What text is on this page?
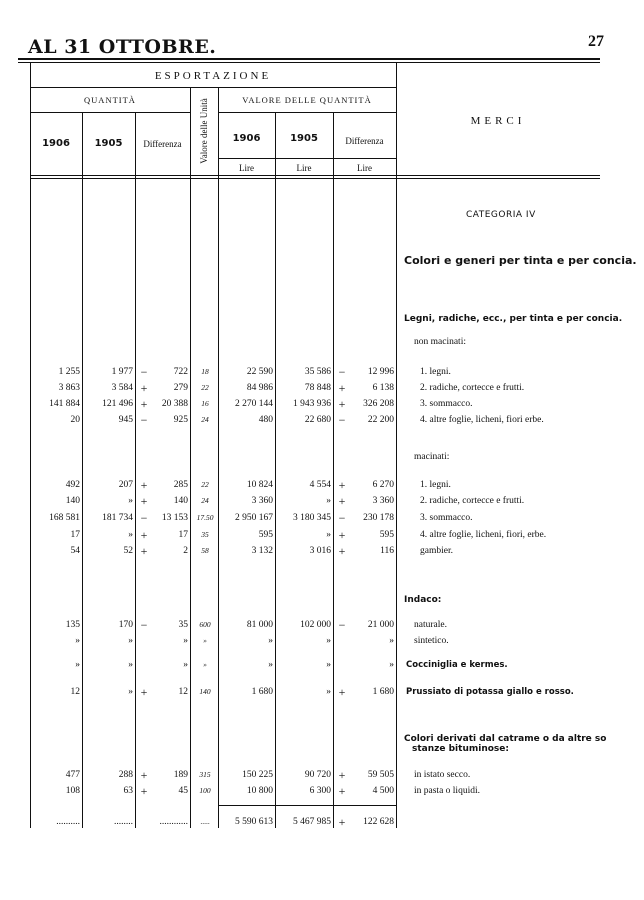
AL 31 OTTOBRE.	27
ESPORTAZIONE
QUANTITÀ	VALORE DELLE QUANTITÀ
Valore delle Unità	MERCI
1906	1905	Differenza	1906	1905	Differenza
Lire	Lire	Lire
CATEGORIA IV
Colori e generi per tinta e per concia.
Legni, radiche, ecc., per tinta e per concia.
non macinati:
macinati:
Indaco:
Colori derivati dal catrame o da altre so
stanze bituminose:
1 255	1 977 −	722	18	22 590	35 586 −	12 996	1. legni.
3 863	3 584 +	279	22	84 986	78 848 +	6 138	2. radiche, cortecce e frutti.
141 884	121 496 +	20 388	16	2 270 144	1 943 936 +	326 208	3. sommacco.
20	945 −	925	24	480	22 680 −	22 200	4. altre foglie, licheni, fiori erbe.
492	207 +	285	22	10 824	4 554 +	6 270	1. legni.
140	» +	140	24	3 360	» +	3 360	2. radiche, cortecce e frutti.
168 581	181 734 −	13 153	17.50	2 950 167	3 180 345 −	230 178	3. sommacco.
17	» +	17	35	595	» +	595	4. altre foglie, licheni, fiori, erbe.
54	52 +	2	58	3 132	3 016 +	116	gambier.
135	170 −	35	600	81 000	102 000 −	21 000 naturale.
»	»	»	»	»	»	» sintetico.
»	»	»	»	»	»	» Cocciniglia e kermes.
12	» +	12	140	1 680	» +	1 680 Prussiato di potassa giallo e rosso.
477	288 +	189	315	150 225	90 720 +	59 505 in istato secco.
108	63 +	45	100	10 800	6 300 +	4 500 in pasta o liquidi.
..........	........	............	.....	5 590 613	5 467 985 +	122 628
